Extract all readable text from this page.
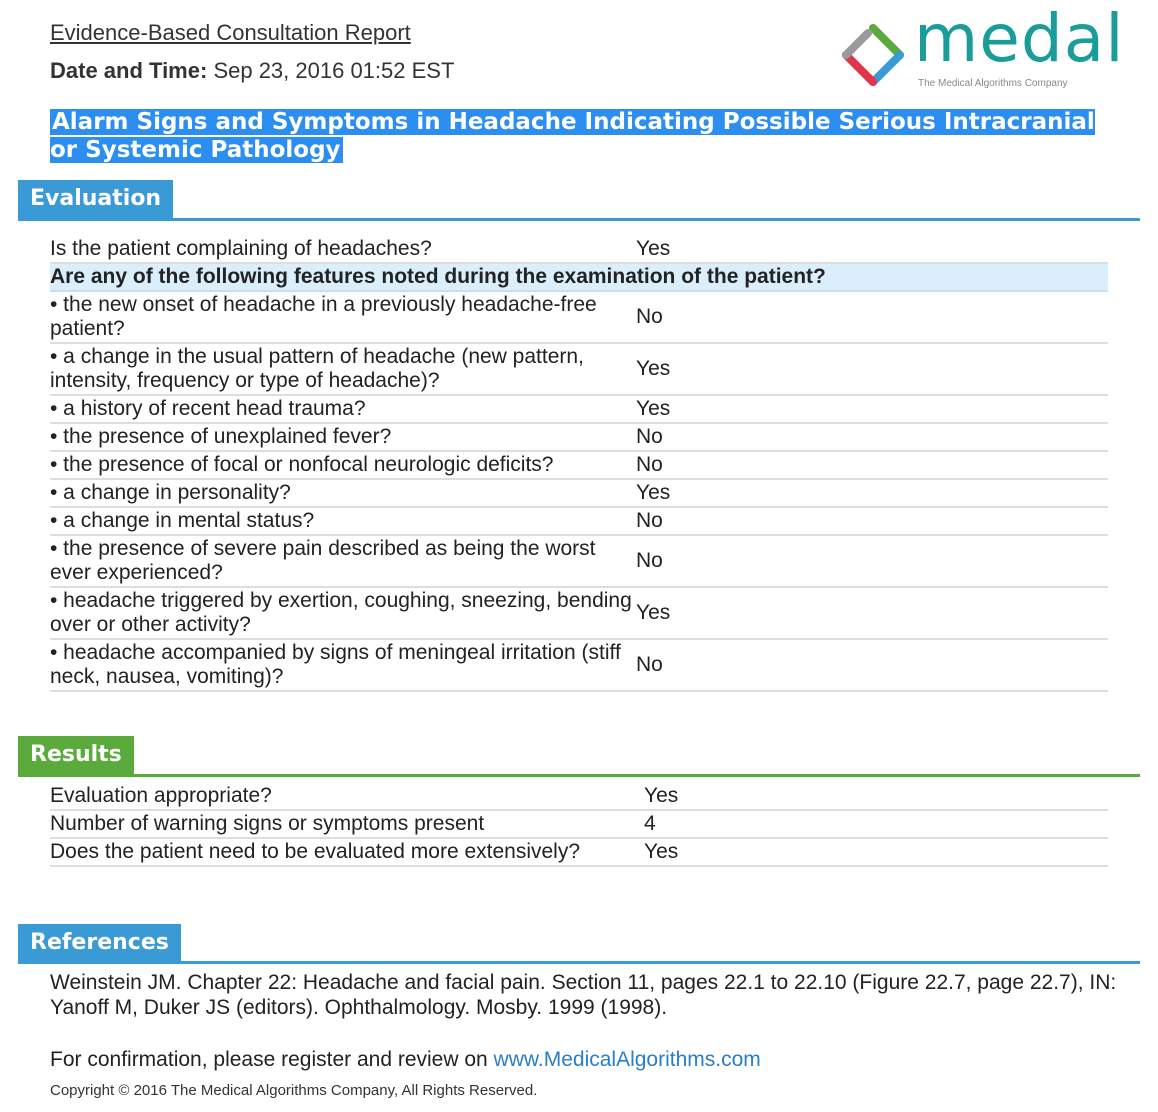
Evidence-Based Consultation Report
Date and Time: Sep 23, 2016 01:52 EST	medal
The Medical Algorithms Company
Alarm Signs and Symptoms in Headache Indicating Possible Serious Intracranial or Systemic Pathology
Evaluation
Is the patient complaining of headaches?	Yes
Are any of the following features noted during the examination of the patient?	
• the new onset of headache in a previously headache-free patient?	No
• a change in the usual pattern of headache (new pattern, intensity, frequency or type of headache)?	Yes
• a history of recent head trauma?	Yes
• the presence of unexplained fever?	No
• the presence of focal or nonfocal neurologic deficits?	No
• a change in personality?	Yes
• a change in mental status?	No
• the presence of severe pain described as being the worst ever experienced?	No
• headache triggered by exertion, coughing, sneezing, bending over or other activity?	Yes
• headache accompanied by signs of meningeal irritation (stiff neck, nausea, vomiting)?	No
Results
Evaluation appropriate?	Yes
Number of warning signs or symptoms present	4
Does the patient need to be evaluated more extensively?	Yes
References
Weinstein JM. Chapter 22: Headache and facial pain. Section 11, pages 22.1 to 22.10 (Figure 22.7, page 22.7), IN: Yanoff M, Duker JS (editors). Ophthalmology. Mosby. 1999 (1998).
For confirmation, please register and review on www.MedicalAlgorithms.com
Copyright © 2016 The Medical Algorithms Company, All Rights Reserved.
